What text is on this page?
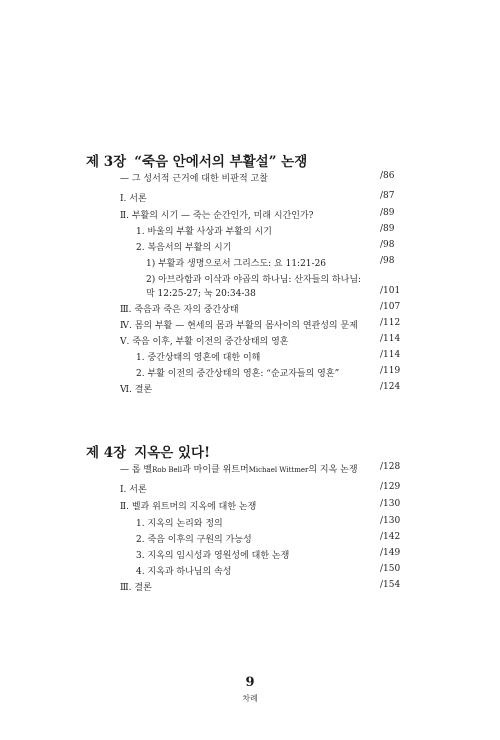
제 3장 “죽음 안에서의 부활설” 논쟁
— 그 성서적 근거에 대한 비판적 고찰	/86
Ⅰ. 서론	/87
Ⅱ. 부활의 시기 — 죽는 순간인가, 미래 시간인가?	/89
1. 바울의 부활 사상과 부활의 시기	/89
2. 복음서의 부활의 시기	/98
1) 부활과 생명으로서 그리스도: 요 11:21-26	/98
2) 아브라함과 이삭과 야곱의 하나님: 산자들의 하나님:
막 12:25-27; 눅 20:34-38	/101
Ⅲ. 죽음과 죽은 자의 중간상태	/107
Ⅳ. 몸의 부활 — 현세의 몸과 부활의 몸사이의 연관성의 문제 /112
Ⅴ. 죽음 이후, 부활 이전의 중간상태의 영혼	/114
1. 중간상태의 영혼에 대한 이해	/114
2. 부활 이전의 중간상태의 영혼: “순교자들의 영혼”	/119
Ⅵ. 결론	/124
제 4장 지옥은 있다!
— 롭 벨Rob Bell과 마이클 위트머Michael Wittmer의 지옥 논쟁 /128
Ⅰ. 서론	/129
Ⅱ. 벨과 위트머의 지옥에 대한 논쟁	/130
1. 지옥의 논리와 정의	/130
2. 죽음 이후의 구원의 가능성	/142
3. 지옥의 임시성과 영원성에 대한 논쟁	/149
4. 지옥과 하나님의 속성	/150
Ⅲ. 결론	/154
9
차례
